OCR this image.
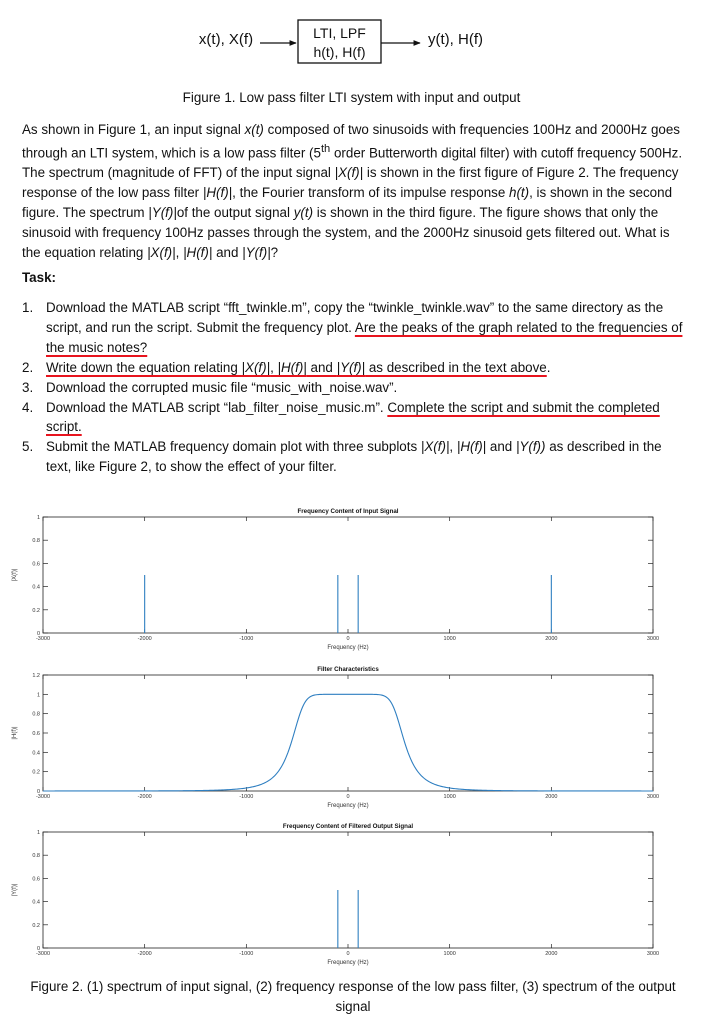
x(t), X(f)	LTI, LPF
h(t), H(f)
y(t), H(f)
Figure 1. Low pass filter LTI system with input and output

As shown in Figure 1, an input signal x(t) composed of two sinusoids with frequencies 100Hz and 2000Hz goes through an LTI system, which is a low pass filter (5th order Butterworth digital filter) with cutoff frequency 500Hz. The spectrum (magnitude of FFT) of the input signal |X(f)| is shown in the first figure of Figure 2. The frequency response of the low pass filter |H(f)|, the Fourier transform of its impulse response h(t), is shown in the second figure. The spectrum |Y(f)|of the output signal y(t) is shown in the third figure. The figure shows that only the sinusoid with frequency 100Hz passes through the system, and the 2000Hz sinusoid gets filtered out. What is the equation relating |X(f)|, |H(f)| and |Y(f)|?

Task:

1. Download the MATLAB script “fft_twinkle.m”, copy the “twinkle_twinkle.wav” to the same directory as the script, and run the script. Submit the frequency plot. Are the peaks of the graph related to the frequencies of the music notes?
2. Write down the equation relating |X(f)|, |H(f)| and |Y(f)| as described in the text above.
3. Download the corrupted music file “music_with_noise.wav”.
4. Download the MATLAB script “lab_filter_noise_music.m”. Complete the script and submit the completed script.
5. Submit the MATLAB frequency domain plot with three subplots |X(f)|, |H(f)| and |Y(f)) as described in the text, like Figure 2, to show the effect of your filter.
Frequency Content of Input Signal
-3000	-2000	-1000	0	1000	2000	3000
0
0.2
0.4
0.6
0.8
1
Frequency (Hz)
|X(f)|
Filter Characteristics
-3000	-2000	-1000	0	1000	2000	3000
0
0.2
0.4
0.6
0.8
1
1.2
Frequency (Hz)
|H(f)|
Frequency Content of Filtered Output Signal
-3000	-2000	-1000	0	1000	2000	3000
0
0.2
0.4
0.6
0.8
1
Frequency (Hz)
|Y(f)|

Figure 2. (1) spectrum of input signal, (2) frequency response of the low pass filter, (3) spectrum of the output signal
